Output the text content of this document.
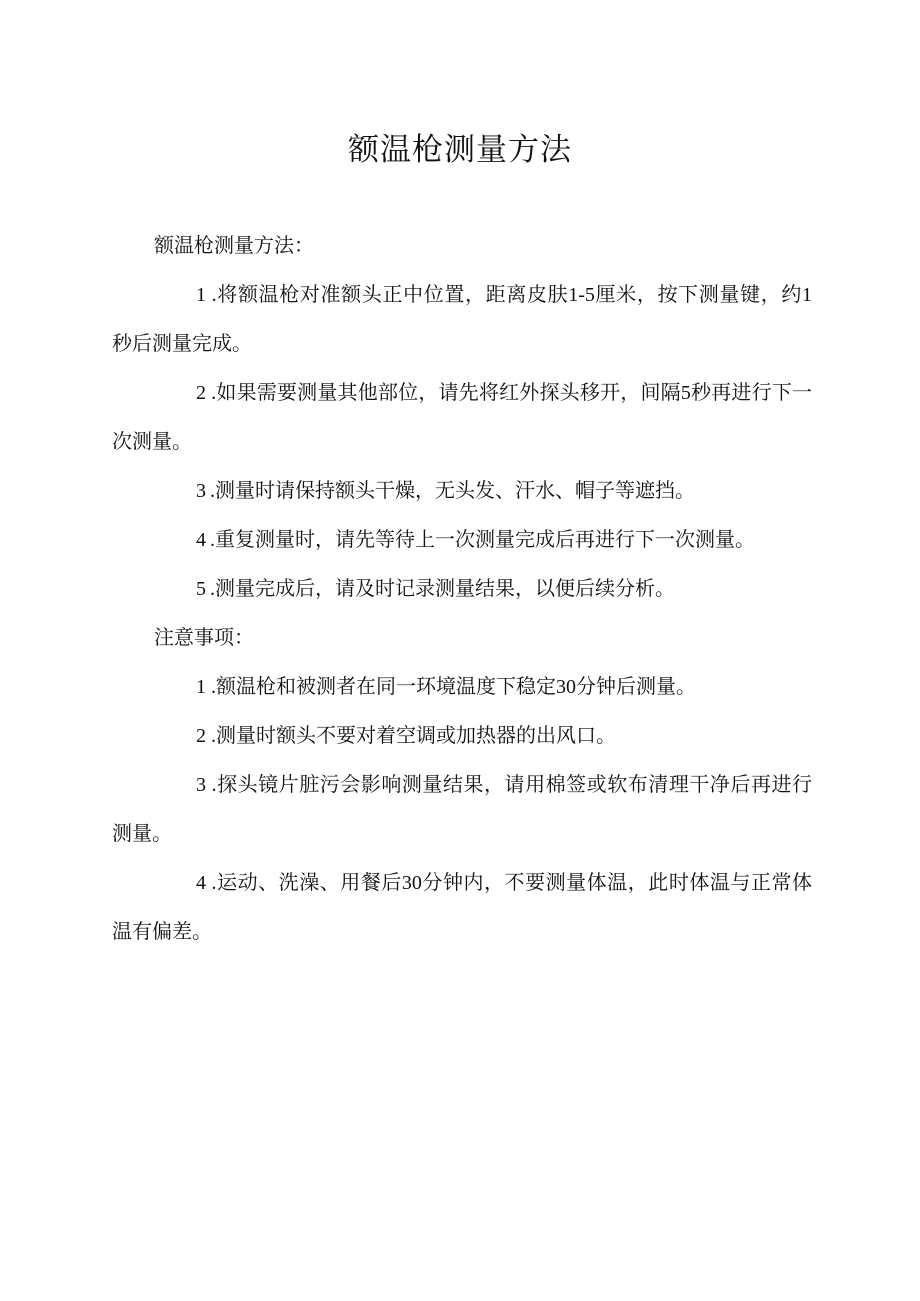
额温枪测量方法

额温枪测量方法：

1 .将额温枪对准额头正中位置，距离皮肤1-5厘米，按下测量键，约1秒后测量完成。

2 .如果需要测量其他部位，请先将红外探头移开，间隔5秒再进行下一次测量。

3 .测量时请保持额头干燥，无头发、汗水、帽子等遮挡。

4 .重复测量时，请先等待上一次测量完成后再进行下一次测量。

5 .测量完成后，请及时记录测量结果，以便后续分析。

注意事项：

1 .额温枪和被测者在同一环境温度下稳定30分钟后测量。

2 .测量时额头不要对着空调或加热器的出风口。

3 .探头镜片脏污会影响测量结果，请用棉签或软布清理干净后再进行测量。

4 .运动、洗澡、用餐后30分钟内，不要测量体温，此时体温与正常体温有偏差。
